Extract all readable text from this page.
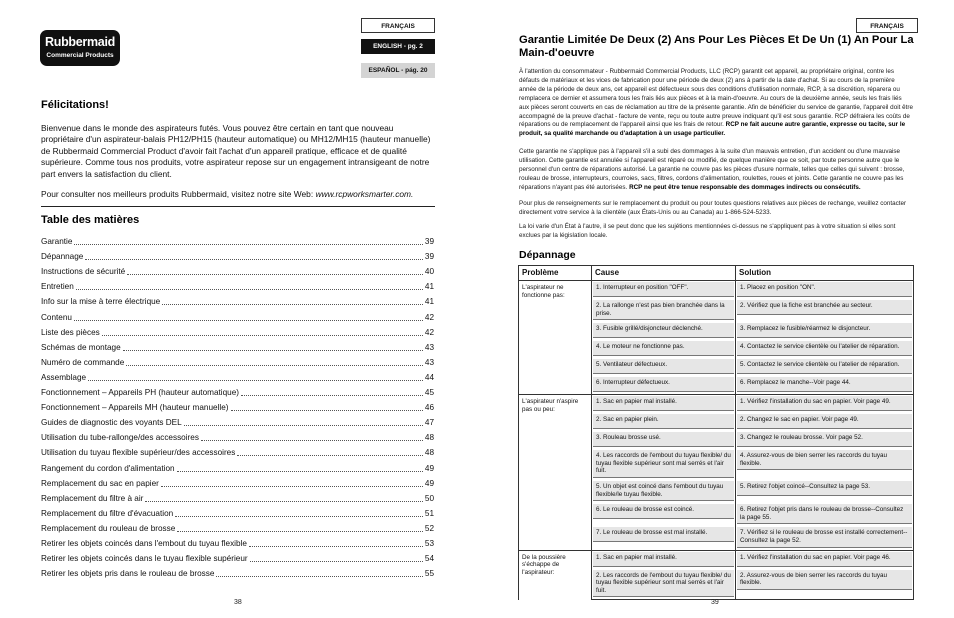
Rubbermaid
Commercial Products
FRANÇAIS
ENGLISH - pg. 2
ESPAÑOL - pág. 20
Félicitations!

Bienvenue dans le monde des aspirateurs futés. Vous pouvez être certain en tant que nouveau propriétaire d'un aspirateur-balais PH12/PH15 (hauteur automatique) ou MH12/MH15 (hauteur manuelle) de Rubbermaid Commercial Product d'avoir fait l'achat d'un appareil pratique, efficace et de qualité supérieure. Comme tous nos produits, votre aspirateur repose sur un engagement intransigeant de notre part envers la satisfaction du client.

Pour consulter nos meilleurs produits Rubbermaid, visitez notre site Web: www.rcpworksmarter.com.

Table des matières
Garantie	39
Dépannage	39
Instructions de sécurité	40
Entretien	41
Info sur la mise à terre électrique	41
Contenu	42
Liste des pièces	42
Schémas de montage	43
Numéro de commande	43
Assemblage	44
Fonctionnement – Appareils PH (hauteur automatique)	45
Fonctionnement – Appareils MH (hauteur manuelle)	46
Guides de diagnostic des voyants DEL	47
Utilisation du tube-rallonge/des accessoires	48
Utilisation du tuyau flexible supérieur/des accessoires	48
Rangement du cordon d'alimentation	49
Remplacement du sac en papier	49
Remplacement du filtre à air	50
Remplacement du filtre d'évacuation	51
Remplacement du rouleau de brosse	52
Retirer les objets coincés dans l'embout du tuyau flexible	53
Retirer les objets coincés dans le tuyau flexible supérieur	54
Retirer les objets pris dans le rouleau de brosse	55
38
FRANÇAIS
Garantie Limitée De Deux (2) Ans Pour Les Pièces Et De Un (1) An Pour La Main-d'oeuvre

À l'attention du consommateur - Rubbermaid Commercial Products, LLC (RCP) garantit cet appareil, au propriétaire original, contre les défauts de matériaux et les vices de fabrication pour une période de deux (2) ans à partir de la date d'achat. Si au cours de la première année de la période de deux ans, cet appareil est défectueux sous des conditions d'utilisation normale, RCP, à sa discrétion, réparera ou remplacera ce dernier et assumera tous les frais liés aux pièces et à la main-d'oeuvre. Au cours de la deuxième année, seuls les frais liés aux pièces seront couverts en cas de réclamation au titre de la présente garantie. Afin de bénéficier du service de garantie, l'appareil doit être accompagné de la preuve d'achat - facture de vente, reçu ou toute autre preuve indiquant qu'il est sous garantie. RCP défraiera les coûts de réparations ou de remplacement de l'appareil ainsi que les frais de retour. RCP ne fait aucune autre garantie, expresse ou tacite, sur le produit, sa qualité marchande ou d'adaptation à un usage particulier.

Cette garantie ne s'applique pas à l'appareil s'il a subi des dommages à la suite d'un mauvais entretien, d'un accident ou d'une mauvaise utilisation. Cette garantie est annulée si l'appareil est réparé ou modifié, de quelque manière que ce soit, par toute personne autre que le personnel d'un centre de réparations autorisé. La garantie ne couvre pas les pièces d'usure normale, telles que celles qui suivent : brosse, rouleau de brosse, interrupteurs, courroies, sacs, filtres, cordons d'alimentation, roulettes, roues et joints. Cette garantie ne couvre pas les réparations n'ayant pas été autorisées. RCP ne peut être tenue responsable des dommages indirects ou consécutifs.

Pour plus de renseignements sur le remplacement du produit ou pour toutes questions relatives aux pièces de rechange, veuillez contacter directement votre service à la clientèle (aux États-Unis ou au Canada) au 1-866-524-5233.

La loi varie d'un État à l'autre, il se peut donc que les sujétions mentionnées ci-dessus ne s'appliquent pas à votre situation si elles sont exclues par la législation locale.

Dépannage
Problème	Cause	Solution
L'aspirateur ne fonctionne pas:	1. Interrupteur en position "OFF".	1. Placez en position "ON".

	2. La rallonge n'est pas bien branchée dans la prise.	2. Vérifiez que la fiche est branchée au secteur.

	3. Fusible grillé/disjoncteur déclenché.	3. Remplacez le fusible/réarmez le disjoncteur.

	4. Le moteur ne fonctionne pas.	4. Contactez le service clientèle ou l'atelier de réparation.

	5. Ventilateur défectueux.	5. Contactez le service clientèle ou l'atelier de réparation.

	6. Interrupteur défectueux.	6. Remplacez le manche--Voir page 44.

L'aspirateur n'aspire pas ou peu:	1. Sac en papier mal installé.	1. Vérifiez l'installation du sac en papier. Voir page 49.

	2. Sac en papier plein.	2. Changez le sac en papier. Voir page 49.

	3. Rouleau brosse usé.	3. Changez le rouleau brosse. Voir page 52.

	4. Les raccords de l'embout du tuyau flexible/ du tuyau flexible supérieur sont mal serrés et l'air fuit.	4. Assurez-vous de bien serrer les raccords du tuyau flexible.

	5. Un objet est coincé dans l'embout du tuyau flexible/le tuyau flexible.	5. Retirez l'objet coincé--Consultez la page 53.

	6. Le rouleau de brosse est coincé.	6. Retirez l'objet pris dans le rouleau de brosse--Consultez la page 55.

	7. Le rouleau de brosse est mal installé.	7. Vérifiez si le rouleau de brosse est installé correctement--Consultez la page 52.

De la poussière s'échappe de l'aspirateur:	1. Sac en papier mal installé.	1. Vérifiez l'installation du sac en papier. Voir page 46.

	2. Les raccords de l'embout du tuyau flexible/ du tuyau flexible supérieur sont mal serrés et l'air fuit.	2. Assurez-vous de bien serrer les raccords du tuyau flexible.
39
